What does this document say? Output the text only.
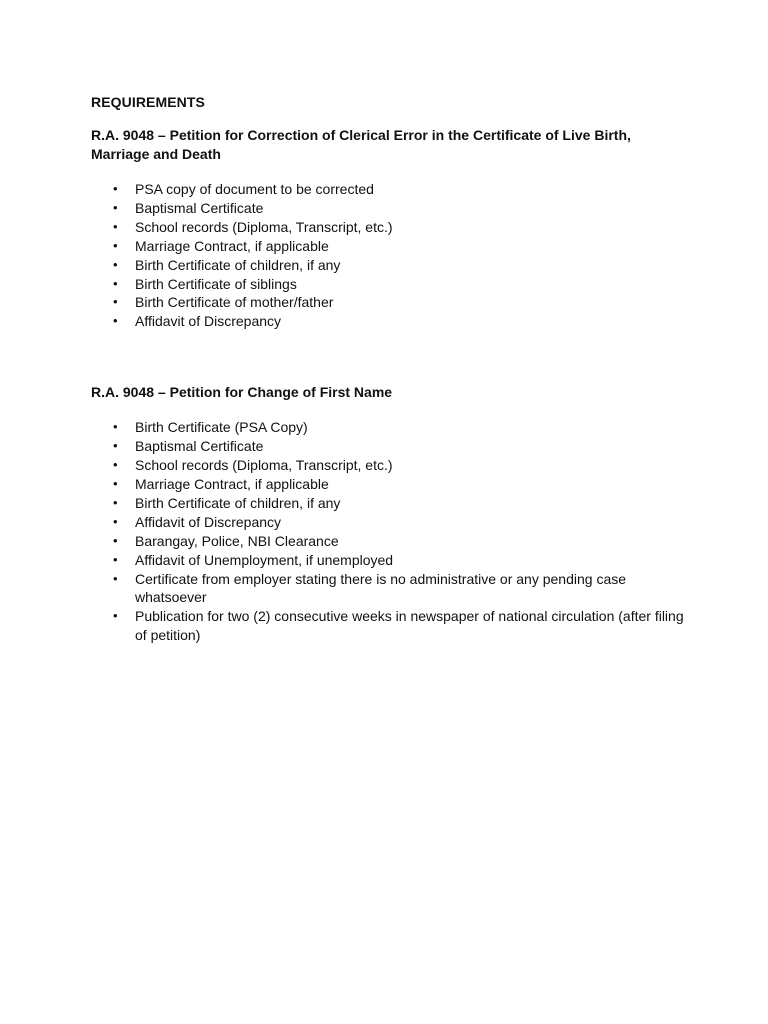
REQUIREMENTS
R.A. 9048 – Petition for Correction of Clerical Error in the Certificate of Live Birth, Marriage and Death
• PSA copy of document to be corrected
• Baptismal Certificate
• School records (Diploma, Transcript, etc.)
• Marriage Contract, if applicable
• Birth Certificate of children, if any
• Birth Certificate of siblings
• Birth Certificate of mother/father
• Affidavit of Discrepancy
R.A. 9048 – Petition for Change of First Name
• Birth Certificate (PSA Copy)
• Baptismal Certificate
• School records (Diploma, Transcript, etc.)
• Marriage Contract, if applicable
• Birth Certificate of children, if any
• Affidavit of Discrepancy
• Barangay, Police, NBI Clearance
• Affidavit of Unemployment, if unemployed
• Certificate from employer stating there is no administrative or any pending case whatsoever
• Publication for two (2) consecutive weeks in newspaper of national circulation (after filing of petition)
